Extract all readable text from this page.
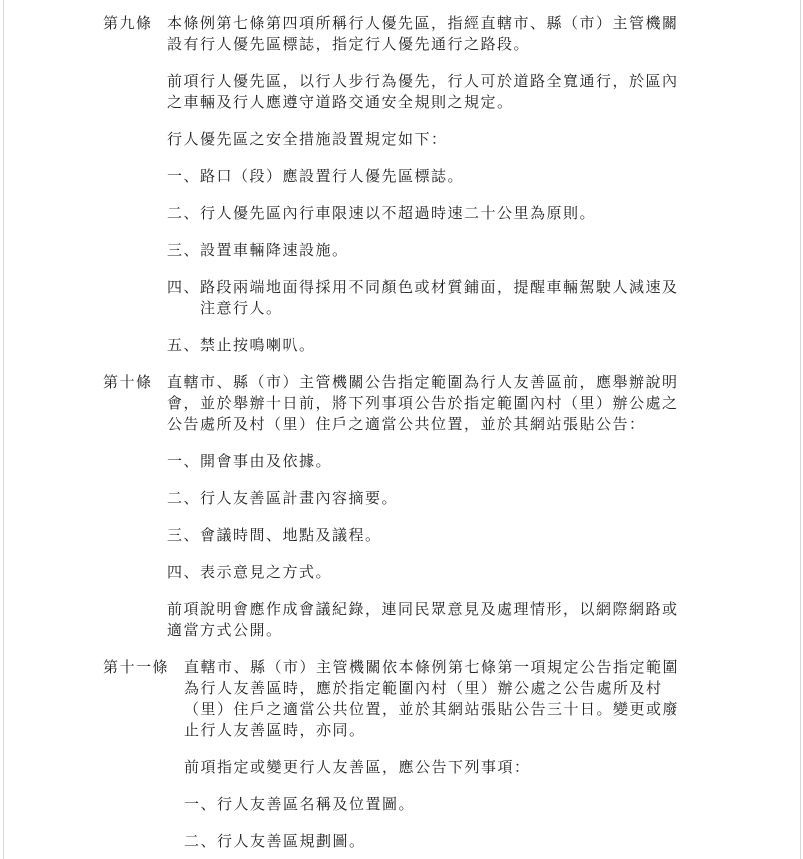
第九條 本條例第七條第四項所稱行人優先區，指經直轄市、縣（市）主管機關
設有行人優先區標誌，指定行人優先通行之路段。
前項行人優先區，以行人步行為優先，行人可於道路全寬通行，於區內
之車輛及行人應遵守道路交通安全規則之規定。
行人優先區之安全措施設置規定如下：
一、路口（段）應設置行人優先區標誌。
二、行人優先區內行車限速以不超過時速二十公里為原則。
三、設置車輛降速設施。
四、路段兩端地面得採用不同顏色或材質鋪面，提醒車輛駕駛人減速及
　　注意行人。
五、禁止按鳴喇叭。
第十條 直轄市、縣（市）主管機關公告指定範圍為行人友善區前，應舉辦說明
會，並於舉辦十日前，將下列事項公告於指定範圍內村（里）辦公處之
公告處所及村（里）住戶之適當公共位置，並於其網站張貼公告：
一、開會事由及依據。
二、行人友善區計畫內容摘要。
三、會議時間、地點及議程。
四、表示意見之方式。
前項說明會應作成會議紀錄，連同民眾意見及處理情形，以網際網路或
適當方式公開。
第十一條 直轄市、縣（市）主管機關依本條例第七條第一項規定公告指定範圍
為行人友善區時，應於指定範圍內村（里）辦公處之公告處所及村
（里）住戶之適當公共位置，並於其網站張貼公告三十日。變更或廢
止行人友善區時，亦同。
前項指定或變更行人友善區，應公告下列事項：
一、行人友善區名稱及位置圖。
二、行人友善區規劃圖。
